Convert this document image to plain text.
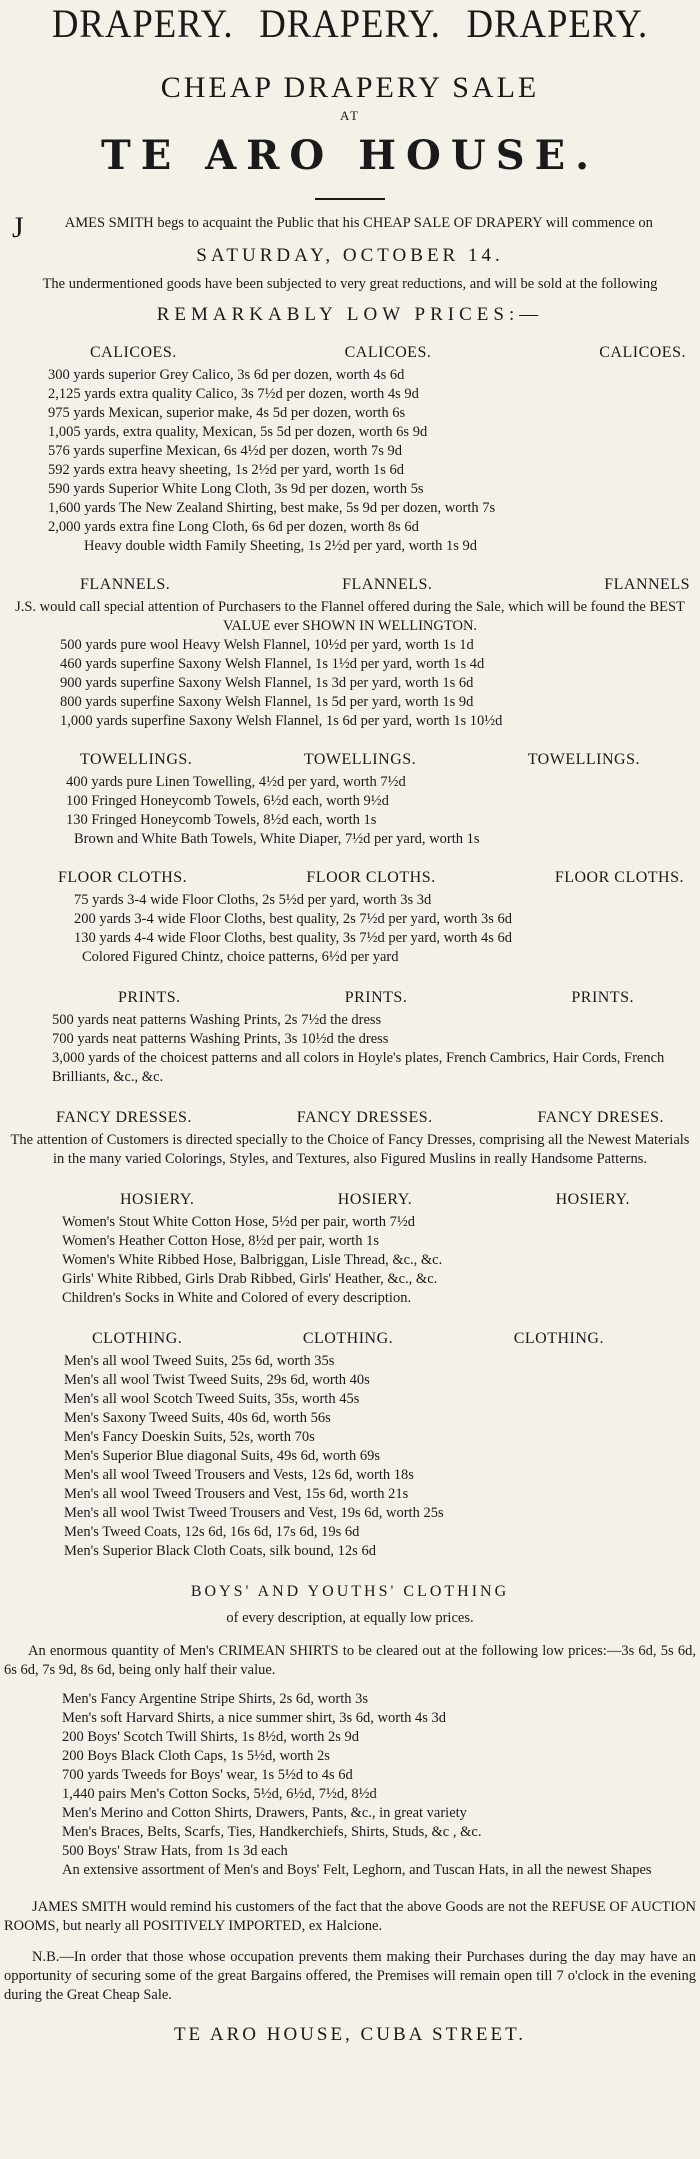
DRAPERY. DRAPERY. DRAPERY.
CHEAP DRAPERY SALE
AT
TE ARO HOUSE.

J	AMES SMITH begs to acquaint the Public that his CHEAP SALE OF DRAPERY will commence on

SATURDAY, OCTOBER 14.

The undermentioned goods have been subjected to very great reductions, and will be sold at the following

REMARKABLY LOW PRICES:—
CALICOES.	CALICOES.	CALICOES.
300 yards superior Grey Calico, 3s 6d per dozen, worth 4s 6d
2,125 yards extra quality Calico, 3s 7½d per dozen, worth 4s 9d
975 yards Mexican, superior make, 4s 5d per dozen, worth 6s
1,005 yards, extra quality, Mexican, 5s 5d per dozen, worth 6s 9d
576 yards superfine Mexican, 6s 4½d per dozen, worth 7s 9d
592 yards extra heavy sheeting, 1s 2½d per yard, worth 1s 6d
590 yards Superior White Long Cloth, 3s 9d per dozen, worth 5s
1,600 yards The New Zealand Shirting, best make, 5s 9d per dozen, worth 7s
2,000 yards extra fine Long Cloth, 6s 6d per dozen, worth 8s 6d
Heavy double width Family Sheeting, 1s 2½d per yard, worth 1s 9d
FLANNELS.	FLANNELS.	FLANNELS

J.S. would call special attention of Purchasers to the Flannel offered during the Sale, which will be found the BEST VALUE ever SHOWN IN WELLINGTON.

500 yards pure wool Heavy Welsh Flannel, 10½d per yard, worth 1s 1d
460 yards superfine Saxony Welsh Flannel, 1s 1½d per yard, worth 1s 4d
900 yards superfine Saxony Welsh Flannel, 1s 3d per yard, worth 1s 6d
800 yards superfine Saxony Welsh Flannel, 1s 5d per yard, worth 1s 9d
1,000 yards superfine Saxony Welsh Flannel, 1s 6d per yard, worth 1s 10½d
TOWELLINGS.	TOWELLINGS.	TOWELLINGS.
400 yards pure Linen Towelling, 4½d per yard, worth 7½d
100 Fringed Honeycomb Towels, 6½d each, worth 9½d
130 Fringed Honeycomb Towels, 8½d each, worth 1s
Brown and White Bath Towels, White Diaper, 7½d per yard, worth 1s
FLOOR CLOTHS.	FLOOR CLOTHS.	FLOOR CLOTHS.
75 yards 3-4 wide Floor Cloths, 2s 5½d per yard, worth 3s 3d
200 yards 3-4 wide Floor Cloths, best quality, 2s 7½d per yard, worth 3s 6d
130 yards 4-4 wide Floor Cloths, best quality, 3s 7½d per yard, worth 4s 6d
Colored Figured Chintz, choice patterns, 6½d per yard
PRINTS.	PRINTS.	PRINTS.
500 yards neat patterns Washing Prints, 2s 7½d the dress
700 yards neat patterns Washing Prints, 3s 10½d the dress
3,000 yards of the choicest patterns and all colors in Hoyle's plates, French Cambrics, Hair Cords, French Brilliants, &c., &c.
FANCY DRESSES.	FANCY DRESSES.	FANCY DRESES.

The attention of Customers is directed specially to the Choice of Fancy Dresses, comprising all the Newest Materials in the many varied Colorings, Styles, and Textures, also Figured Muslins in really Handsome Patterns.

HOSIERY.	HOSIERY.	HOSIERY.
Women's Stout White Cotton Hose, 5½d per pair, worth 7½d
Women's Heather Cotton Hose, 8½d per pair, worth 1s
Women's White Ribbed Hose, Balbriggan, Lisle Thread, &c., &c.
Girls' White Ribbed, Girls Drab Ribbed, Girls' Heather, &c., &c.
Children's Socks in White and Colored of every description.
CLOTHING.	CLOTHING.	CLOTHING.
Men's all wool Tweed Suits, 25s 6d, worth 35s
Men's all wool Twist Tweed Suits, 29s 6d, worth 40s
Men's all wool Scotch Tweed Suits, 35s, worth 45s
Men's Saxony Tweed Suits, 40s 6d, worth 56s
Men's Fancy Doeskin Suits, 52s, worth 70s
Men's Superior Blue diagonal Suits, 49s 6d, worth 69s
Men's all wool Tweed Trousers and Vests, 12s 6d, worth 18s
Men's all wool Tweed Trousers and Vest, 15s 6d, worth 21s
Men's all wool Twist Tweed Trousers and Vest, 19s 6d, worth 25s
Men's Tweed Coats, 12s 6d, 16s 6d, 17s 6d, 19s 6d
Men's Superior Black Cloth Coats, silk bound, 12s 6d
BOYS' AND YOUTHS' CLOTHING

of every description, at equally low prices.

An enormous quantity of Men's CRIMEAN SHIRTS to be cleared out at the following low prices:—3s 6d, 5s 6d, 6s 6d, 7s 9d, 8s 6d, being only half their value.

Men's Fancy Argentine Stripe Shirts, 2s 6d, worth 3s
Men's soft Harvard Shirts, a nice summer shirt, 3s 6d, worth 4s 3d
200 Boys' Scotch Twill Shirts, 1s 8½d, worth 2s 9d
200 Boys Black Cloth Caps, 1s 5½d, worth 2s
700 yards Tweeds for Boys' wear, 1s 5½d to 4s 6d
1,440 pairs Men's Cotton Socks, 5½d, 6½d, 7½d, 8½d
Men's Merino and Cotton Shirts, Drawers, Pants, &c., in great variety
Men's Braces, Belts, Scarfs, Ties, Handkerchiefs, Shirts, Studs, &c , &c.
500 Boys' Straw Hats, from 1s 3d each
An extensive assortment of Men's and Boys' Felt, Leghorn, and Tuscan Hats, in all the newest Shapes

JAMES SMITH would remind his customers of the fact that the above Goods are not the REFUSE OF AUCTION ROOMS, but nearly all POSITIVELY IMPORTED, ex Halcione.

N.B.—In order that those whose occupation prevents them making their Purchases during the day may have an opportunity of securing some of the great Bargains offered, the Premises will remain open till 7 o'clock in the evening during the Great Cheap Sale.

TE ARO HOUSE, CUBA STREET.
